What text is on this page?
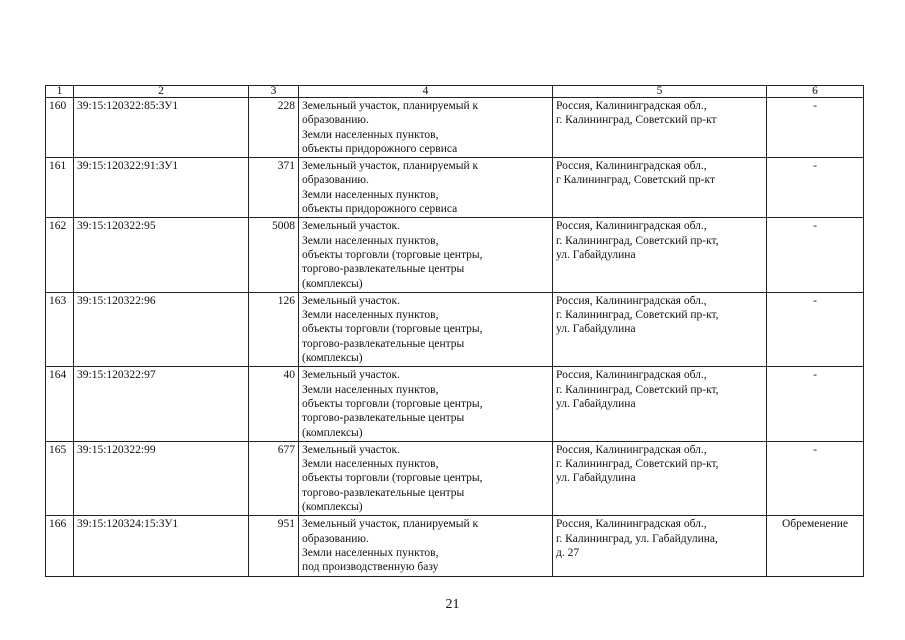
1	2	3	4	5	6
160	39:15:120322:85:ЗУ1	228	Земельный участок, планируемый к
образованию.
Земли населенных пунктов,
объекты придорожного сервиса	Россия, Калининградская обл.,
г. Калининград, Советский пр-кт	-
161	39:15:120322:91:ЗУ1	371	Земельный участок, планируемый к
образованию.
Земли населенных пунктов,
объекты придорожного сервиса	Россия, Калининградская обл.,
г Калининград, Советский пр-кт	-
162	39:15:120322:95	5008	Земельный участок.
Земли населенных пунктов,
объекты торговли (торговые центры,
торгово-развлекательные центры
(комплексы)	Россия, Калининградская обл.,
г. Калининград, Советский пр-кт,
ул. Габайдулина	-
163	39:15:120322:96	126	Земельный участок.
Земли населенных пунктов,
объекты торговли (торговые центры,
торгово-развлекательные центры
(комплексы)	Россия, Калининградская обл.,
г. Калининград, Советский пр-кт,
ул. Габайдулина	-
164	39:15:120322:97	40	Земельный участок.
Земли населенных пунктов,
объекты торговли (торговые центры,
торгово-развлекательные центры
(комплексы)	Россия, Калининградская обл.,
г. Калининград, Советский пр-кт,
ул. Габайдулина	-
165	39:15:120322:99	677	Земельный участок.
Земли населенных пунктов,
объекты торговли (торговые центры,
торгово-развлекательные центры
(комплексы)	Россия, Калининградская обл.,
г. Калининград, Советский пр-кт,
ул. Габайдулина	-
166	39:15:120324:15:ЗУ1	951	Земельный участок, планируемый к
образованию.
Земли населенных пунктов,
под производственную базу	Россия, Калининградская обл.,
г. Калининград, ул. Габайдулина,
д. 27	Обременение
21
